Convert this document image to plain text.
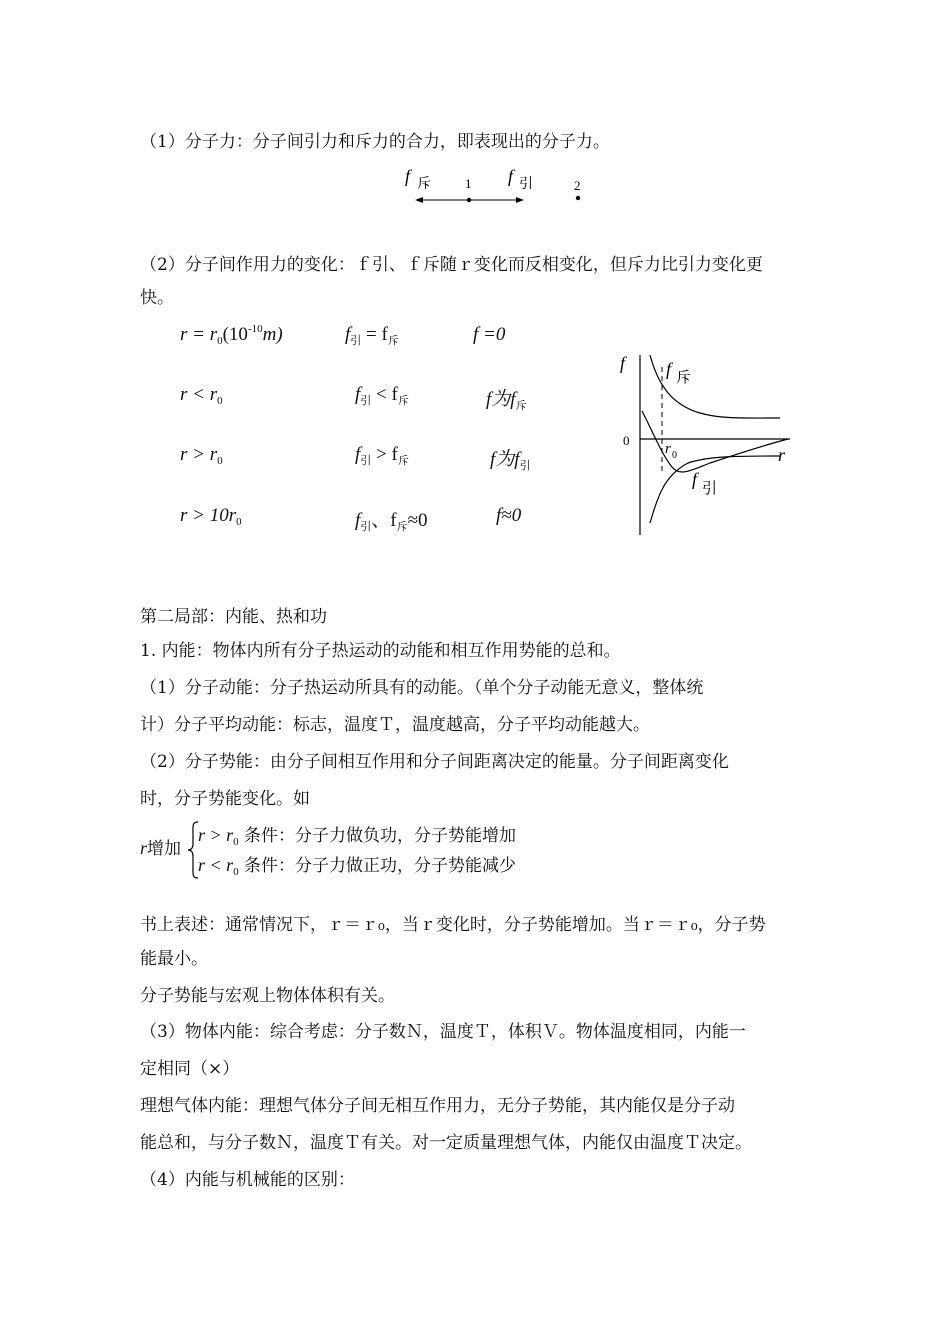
（1）分子力：分子间引力和斥力的合力，即表现出的分子力。
f 斥	1 f 引	2
（2）分子间作用力的变化：ｆ引、ｆ斥随ｒ变化而反相变化，但斥力比引力变化更
快。
$r = r_0(10^{-10}m)$	$f_引 = f_斥$	f =0
$r < r_0$	$f_引 < f_斥$	f为$f_斥$
$r > r_0$	$f_引 > f_斥$	f为$f_引$
$r > 10r_0$	$f_引$、$f_斥\approx 0$	f≈0
f
r
0
r 0
f 斥
f 引
第二局部：内能、热和功
1. 内能：物体内所有分子热运动的动能和相互作用势能的总和。
（1）分子动能：分子热运动所具有的动能。（单个分子动能无意义，整体统
计）分子平均动能：标志，温度Ｔ，温度越高，分子平均动能越大。
（2）分子势能：由分子间相互作用和分子间距离决定的能量。分子间距离变化
时，分子势能变化。如
r增加
$r > r_0$ 条件：分子力做负功，分子势能增加
$r < r_0$ 条件：分子力做正功，分子势能减少
书上表述：通常情况下，ｒ＝ｒ₀，当ｒ变化时，分子势能增加。当ｒ＝ｒ₀，分子势
能最小。
分子势能与宏观上物体体积有关。
（3）物体内能：综合考虑：分子数Ｎ，温度Ｔ，体积Ｖ。物体温度相同，内能一
定相同（×）
理想气体内能：理想气体分子间无相互作用力，无分子势能，其内能仅是分子动
能总和，与分子数Ｎ，温度Ｔ有关。对一定质量理想气体，内能仅由温度Ｔ决定。
（4）内能与机械能的区别：
